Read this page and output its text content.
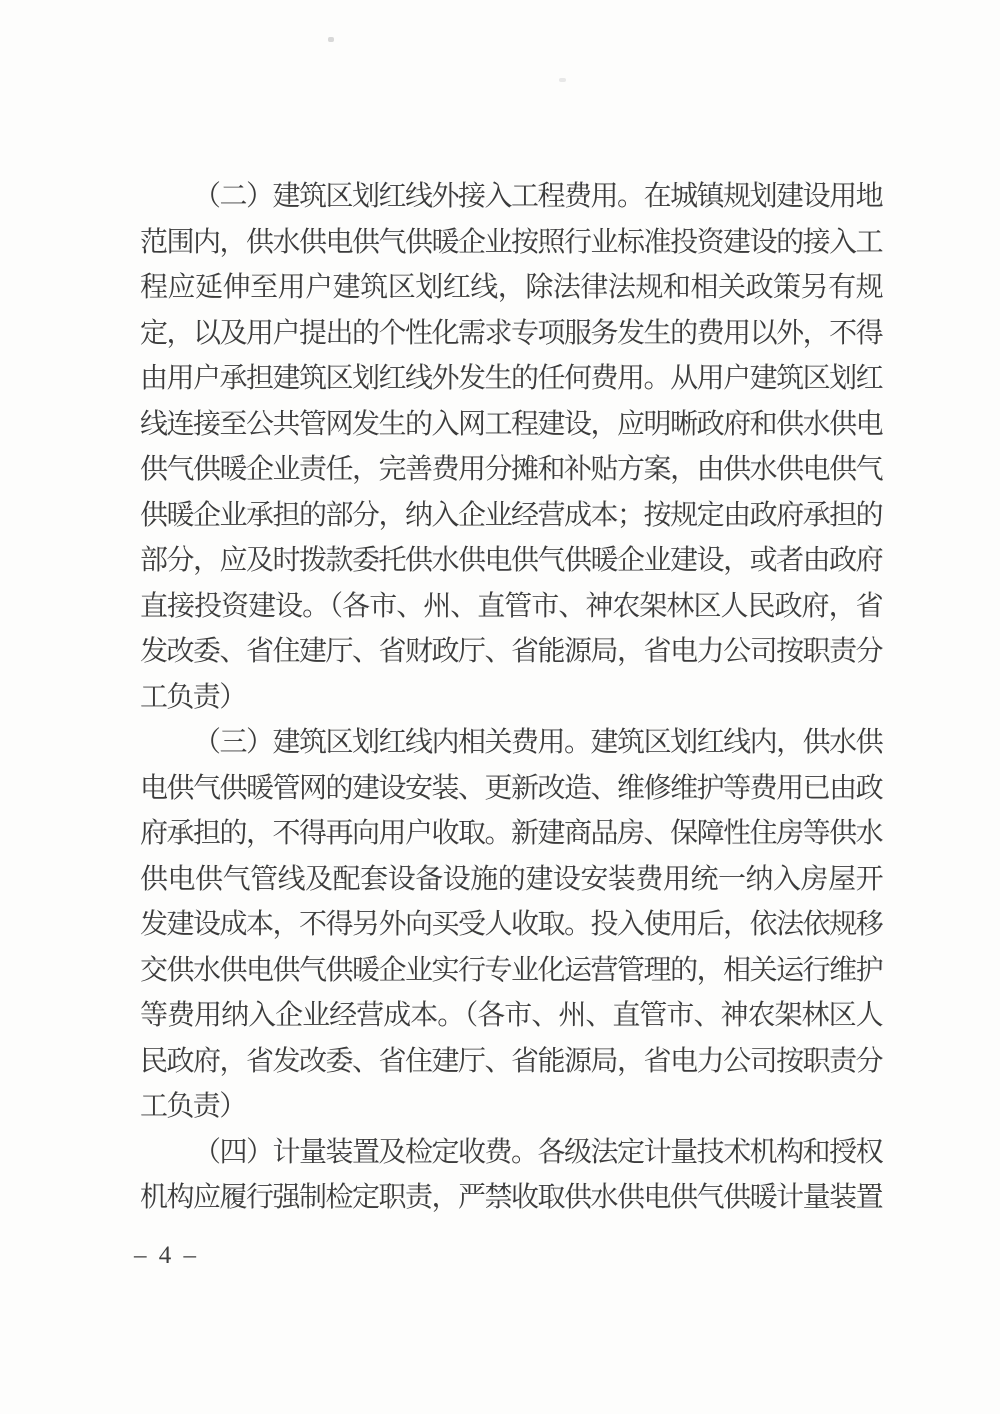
（二）建筑区划红线外接入工程费用。在城镇规划建设用地
范围内，供水供电供气供暖企业按照行业标准投资建设的接入工
程应延伸至用户建筑区划红线，除法律法规和相关政策另有规
定，以及用户提出的个性化需求专项服务发生的费用以外，不得
由用户承担建筑区划红线外发生的任何费用。从用户建筑区划红
线连接至公共管网发生的入网工程建设，应明晰政府和供水供电
供气供暖企业责任，完善费用分摊和补贴方案，由供水供电供气
供暖企业承担的部分，纳入企业经营成本；按规定由政府承担的
部分，应及时拨款委托供水供电供气供暖企业建设，或者由政府
直接投资建设。（各市、州、直管市、神农架林区人民政府，省
发改委、省住建厅、省财政厅、省能源局，省电力公司按职责分
工负责）
（三）建筑区划红线内相关费用。建筑区划红线内，供水供
电供气供暖管网的建设安装、更新改造、维修维护等费用已由政
府承担的，不得再向用户收取。新建商品房、保障性住房等供水
供电供气管线及配套设备设施的建设安装费用统一纳入房屋开
发建设成本，不得另外向买受人收取。投入使用后，依法依规移
交供水供电供气供暖企业实行专业化运营管理的，相关运行维护
等费用纳入企业经营成本。（各市、州、直管市、神农架林区人
民政府，省发改委、省住建厅、省能源局，省电力公司按职责分
工负责）
（四）计量装置及检定收费。各级法定计量技术机构和授权
机构应履行强制检定职责，严禁收取供水供电供气供暖计量装置
– 4 –
